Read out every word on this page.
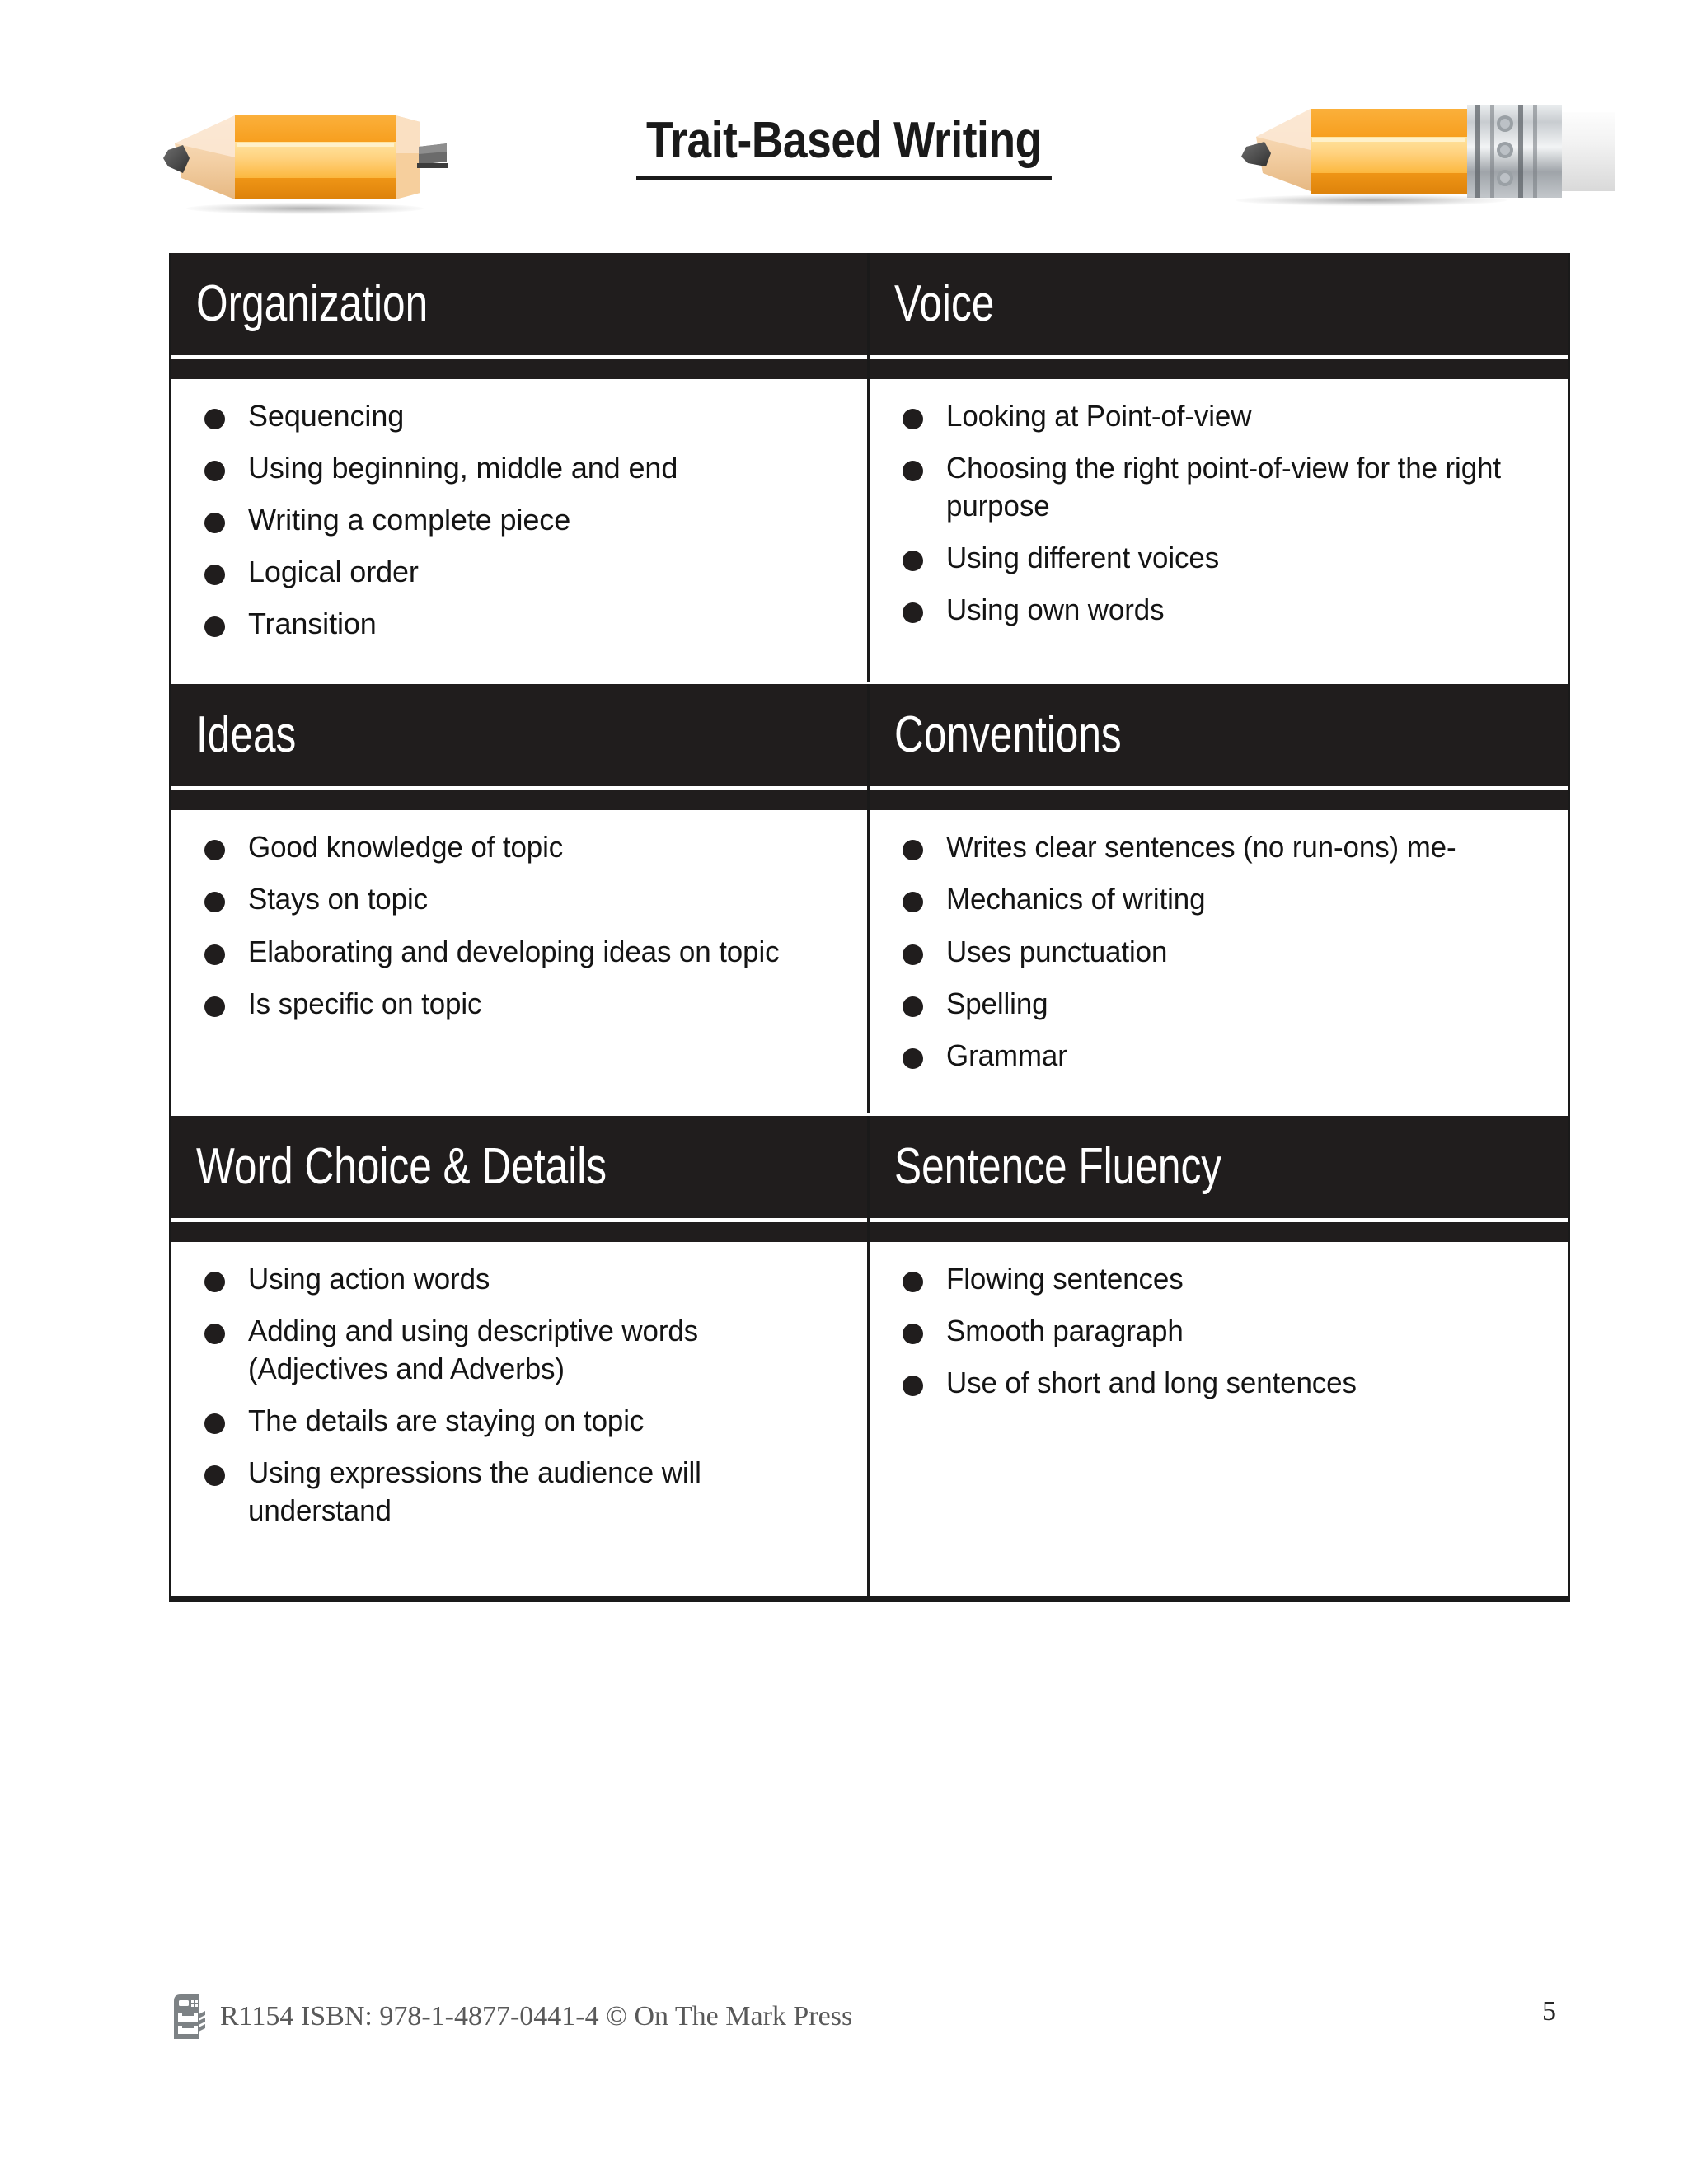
Trait-Based Writing
Organization
Sequencing
Using beginning, middle and end
Writing a complete piece
Logical order
Transition
Voice
Looking at Point-of-view
Choosing the right point-of-view for the right purpose
Using different voices
Using own words
Ideas
Good knowledge of topic
Stays on topic
Elaborating and developing ideas on topic
Is specific on topic
Conventions
Writes clear sentences (no run-ons) me-
Mechanics of writing
Uses punctuation
Spelling
Grammar
Word Choice & Details
Using action words
Adding and using descriptive words (Adjectives and Adverbs)
The details are staying on topic
Using expressions the audience will understand
Sentence Fluency
Flowing sentences
Smooth paragraph
Use of short and long sentences
R1154 ISBN: 978-1-4877-0441-4 © On The Mark Press	5
